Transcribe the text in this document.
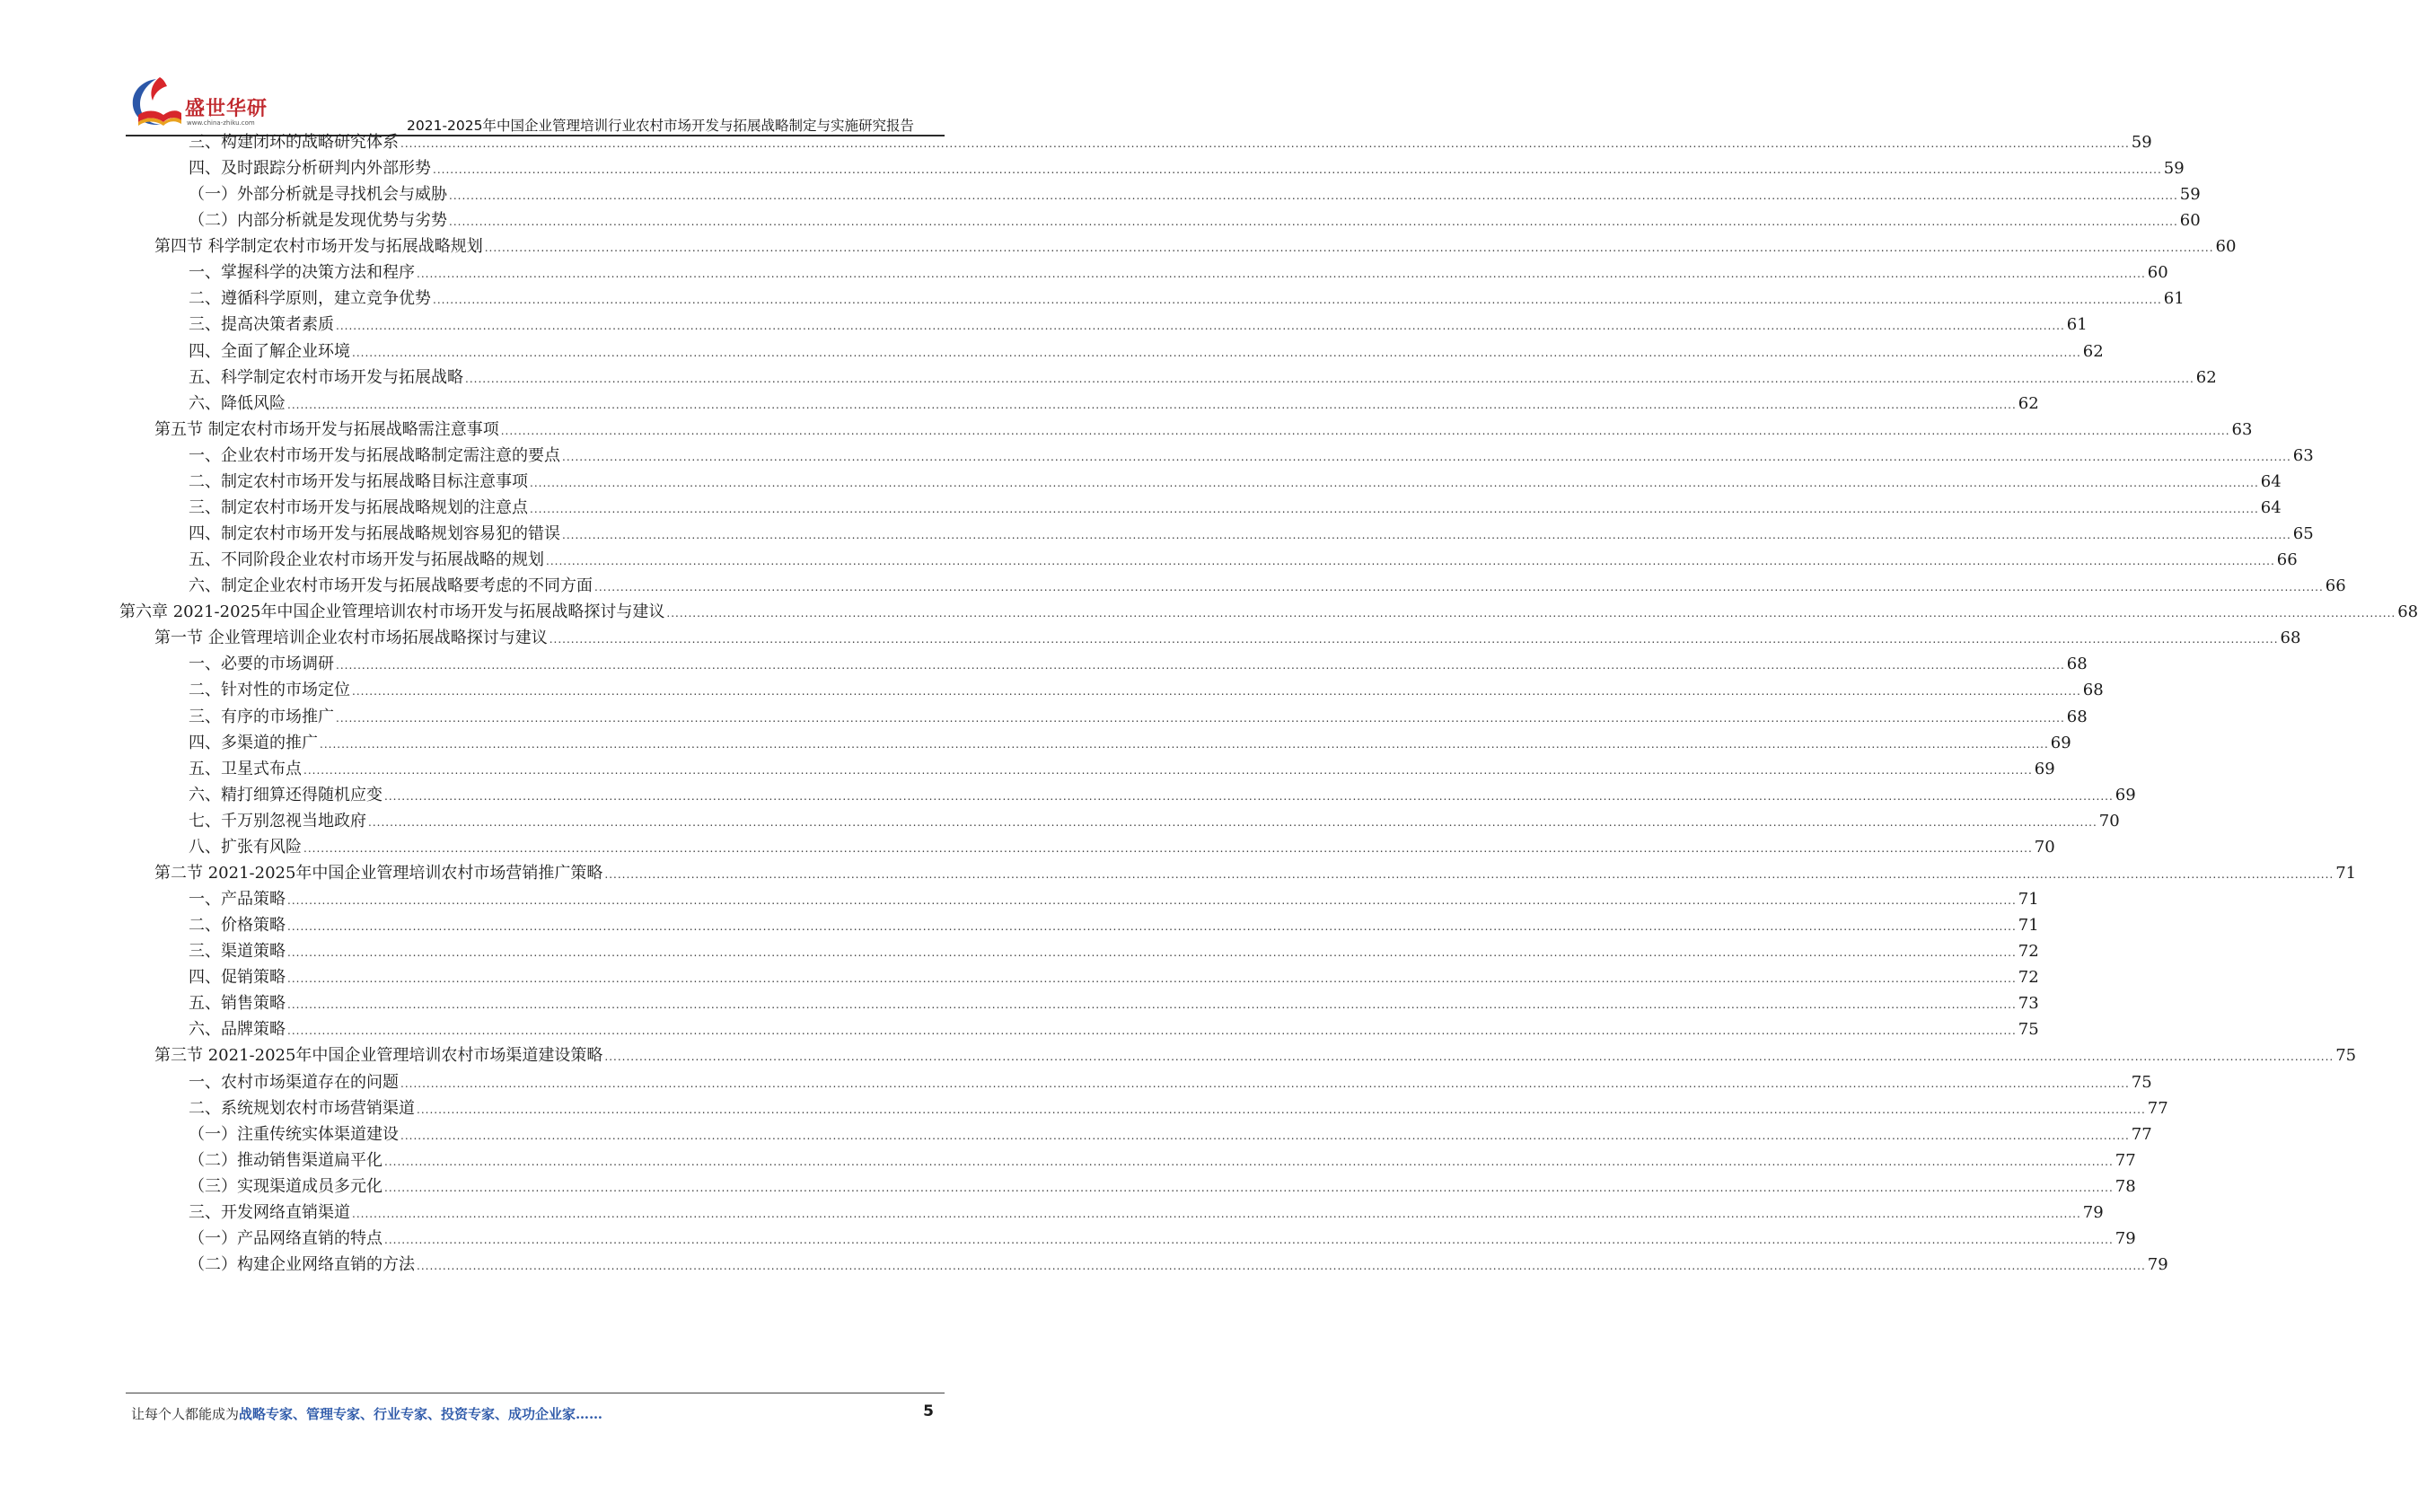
盛世华研
www.china-zhiku.com	2021-2025年中国企业管理培训行业农村市场开发与拓展战略制定与实施研究报告
三、构建闭环的战略研究体系 ................................................................................................................................................................................................................................................................................................................................................................................................................ 59
四、及时跟踪分析研判内外部形势 ................................................................................................................................................................................................................................................................................................................................................................................................................ 59
（一）外部分析就是寻找机会与威胁 ................................................................................................................................................................................................................................................................................................................................................................................................................ 59
（二）内部分析就是发现优势与劣势 ................................................................................................................................................................................................................................................................................................................................................................................................................ 60
第四节 科学制定农村市场开发与拓展战略规划 ................................................................................................................................................................................................................................................................................................................................................................................................................ 60
一、掌握科学的决策方法和程序 ................................................................................................................................................................................................................................................................................................................................................................................................................ 60
二、遵循科学原则，建立竞争优势 ................................................................................................................................................................................................................................................................................................................................................................................................................ 61
三、提高决策者素质 ................................................................................................................................................................................................................................................................................................................................................................................................................ 61
四、全面了解企业环境 ................................................................................................................................................................................................................................................................................................................................................................................................................ 62
五、科学制定农村市场开发与拓展战略 ................................................................................................................................................................................................................................................................................................................................................................................................................ 62
六、降低风险 ................................................................................................................................................................................................................................................................................................................................................................................................................ 62
第五节 制定农村市场开发与拓展战略需注意事项 ................................................................................................................................................................................................................................................................................................................................................................................................................ 63
一、企业农村市场开发与拓展战略制定需注意的要点 ................................................................................................................................................................................................................................................................................................................................................................................................................ 63
二、制定农村市场开发与拓展战略目标注意事项 ................................................................................................................................................................................................................................................................................................................................................................................................................ 64
三、制定农村市场开发与拓展战略规划的注意点 ................................................................................................................................................................................................................................................................................................................................................................................................................ 64
四、制定农村市场开发与拓展战略规划容易犯的错误 ................................................................................................................................................................................................................................................................................................................................................................................................................ 65
五、不同阶段企业农村市场开发与拓展战略的规划 ................................................................................................................................................................................................................................................................................................................................................................................................................ 66
六、制定企业农村市场开发与拓展战略要考虑的不同方面 ................................................................................................................................................................................................................................................................................................................................................................................................................ 66
第六章 2021-2025年中国企业管理培训农村市场开发与拓展战略探讨与建议 ................................................................................................................................................................................................................................................................................................................................................................................................................ 68
第一节 企业管理培训企业农村市场拓展战略探讨与建议 ................................................................................................................................................................................................................................................................................................................................................................................................................ 68
一、必要的市场调研 ................................................................................................................................................................................................................................................................................................................................................................................................................ 68
二、针对性的市场定位 ................................................................................................................................................................................................................................................................................................................................................................................................................ 68
三、有序的市场推广 ................................................................................................................................................................................................................................................................................................................................................................................................................ 68
四、多渠道的推广 ................................................................................................................................................................................................................................................................................................................................................................................................................ 69
五、卫星式布点 ................................................................................................................................................................................................................................................................................................................................................................................................................ 69
六、精打细算还得随机应变 ................................................................................................................................................................................................................................................................................................................................................................................................................ 69
七、千万别忽视当地政府 ................................................................................................................................................................................................................................................................................................................................................................................................................ 70
八、扩张有风险 ................................................................................................................................................................................................................................................................................................................................................................................................................ 70
第二节 2021-2025年中国企业管理培训农村市场营销推广策略 ................................................................................................................................................................................................................................................................................................................................................................................................................ 71
一、产品策略 ................................................................................................................................................................................................................................................................................................................................................................................................................ 71
二、价格策略 ................................................................................................................................................................................................................................................................................................................................................................................................................ 71
三、渠道策略 ................................................................................................................................................................................................................................................................................................................................................................................................................ 72
四、促销策略 ................................................................................................................................................................................................................................................................................................................................................................................................................ 72
五、销售策略 ................................................................................................................................................................................................................................................................................................................................................................................................................ 73
六、品牌策略 ................................................................................................................................................................................................................................................................................................................................................................................................................ 75
第三节 2021-2025年中国企业管理培训农村市场渠道建设策略 ................................................................................................................................................................................................................................................................................................................................................................................................................ 75
一、农村市场渠道存在的问题 ................................................................................................................................................................................................................................................................................................................................................................................................................ 75
二、系统规划农村市场营销渠道 ................................................................................................................................................................................................................................................................................................................................................................................................................ 77
（一）注重传统实体渠道建设 ................................................................................................................................................................................................................................................................................................................................................................................................................ 77
（二）推动销售渠道扁平化 ................................................................................................................................................................................................................................................................................................................................................................................................................ 77
（三）实现渠道成员多元化 ................................................................................................................................................................................................................................................................................................................................................................................................................ 78
三、开发网络直销渠道 ................................................................................................................................................................................................................................................................................................................................................................................................................ 79
（一）产品网络直销的特点 ................................................................................................................................................................................................................................................................................................................................................................................................................ 79
（二）构建企业网络直销的方法 ................................................................................................................................................................................................................................................................................................................................................................................................................ 79
让每个人都能成为战略专家、管理专家、行业专家、投资专家、成功企业家……	5
